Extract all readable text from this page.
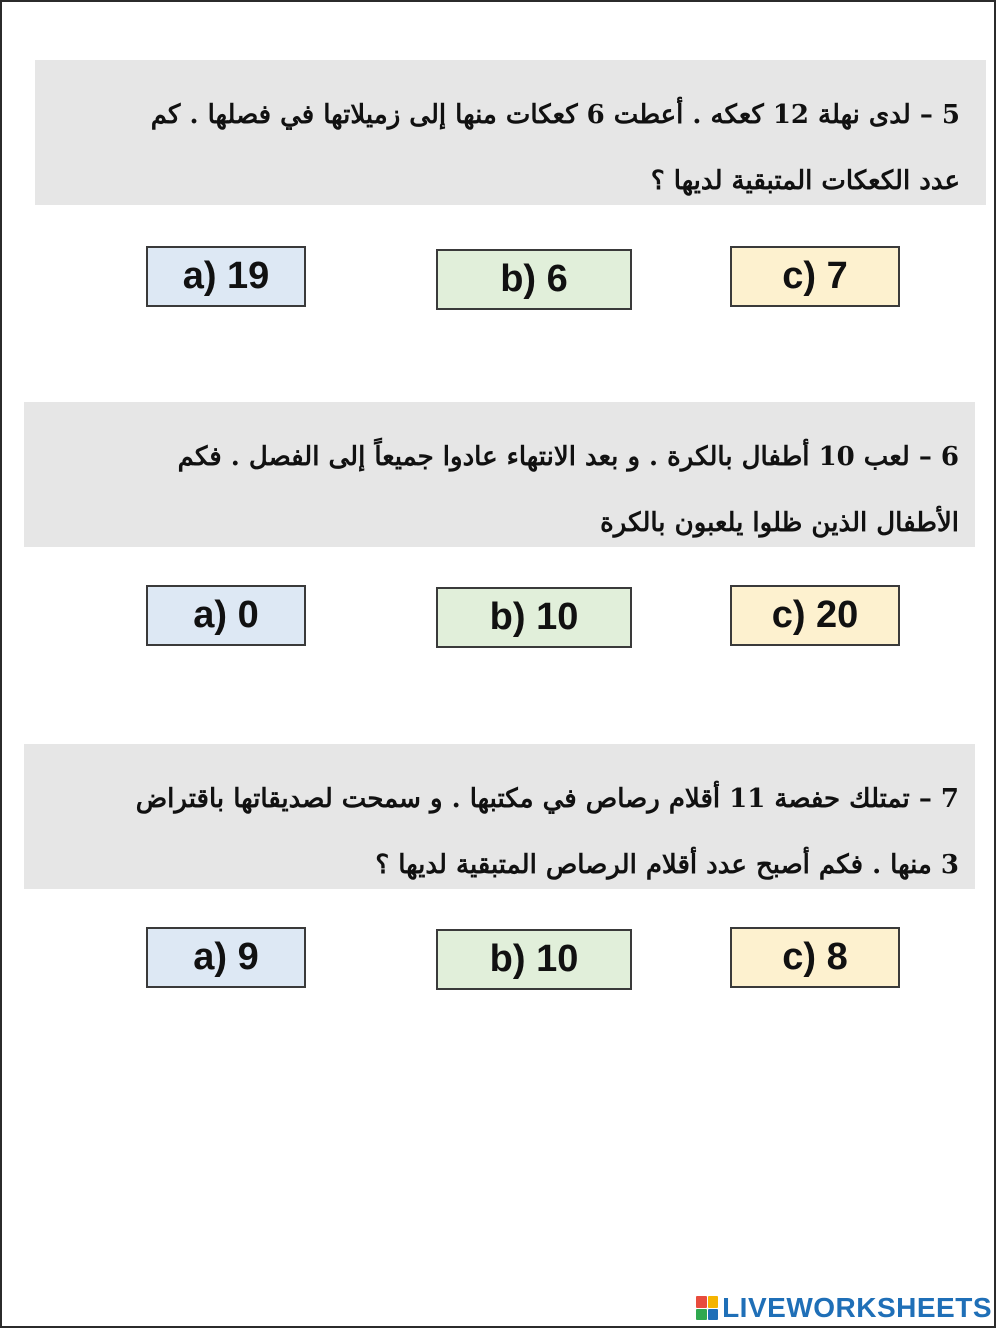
5 – لدى نهلة 12 كعكه . أعطت 6 كعكات منها إلى زميلاتها في فصلها . كم
عدد الكعكات المتبقية لديها ؟
a) 19	b) 6	c) 7
6 – لعب 10 أطفال بالكرة . و بعد الانتهاء عادوا جميعاً إلى الفصل . فكم
الأطفال الذين ظلوا يلعبون بالكرة
a) 0	b) 10	c) 20
7 – تمتلك حفصة 11 أقلام رصاص في مكتبها . و سمحت لصديقاتها باقتراض
3 منها . فكم أصبح عدد أقلام الرصاص المتبقية لديها ؟
a) 9	b) 10	c) 8
LIVEWORKSHEETS
